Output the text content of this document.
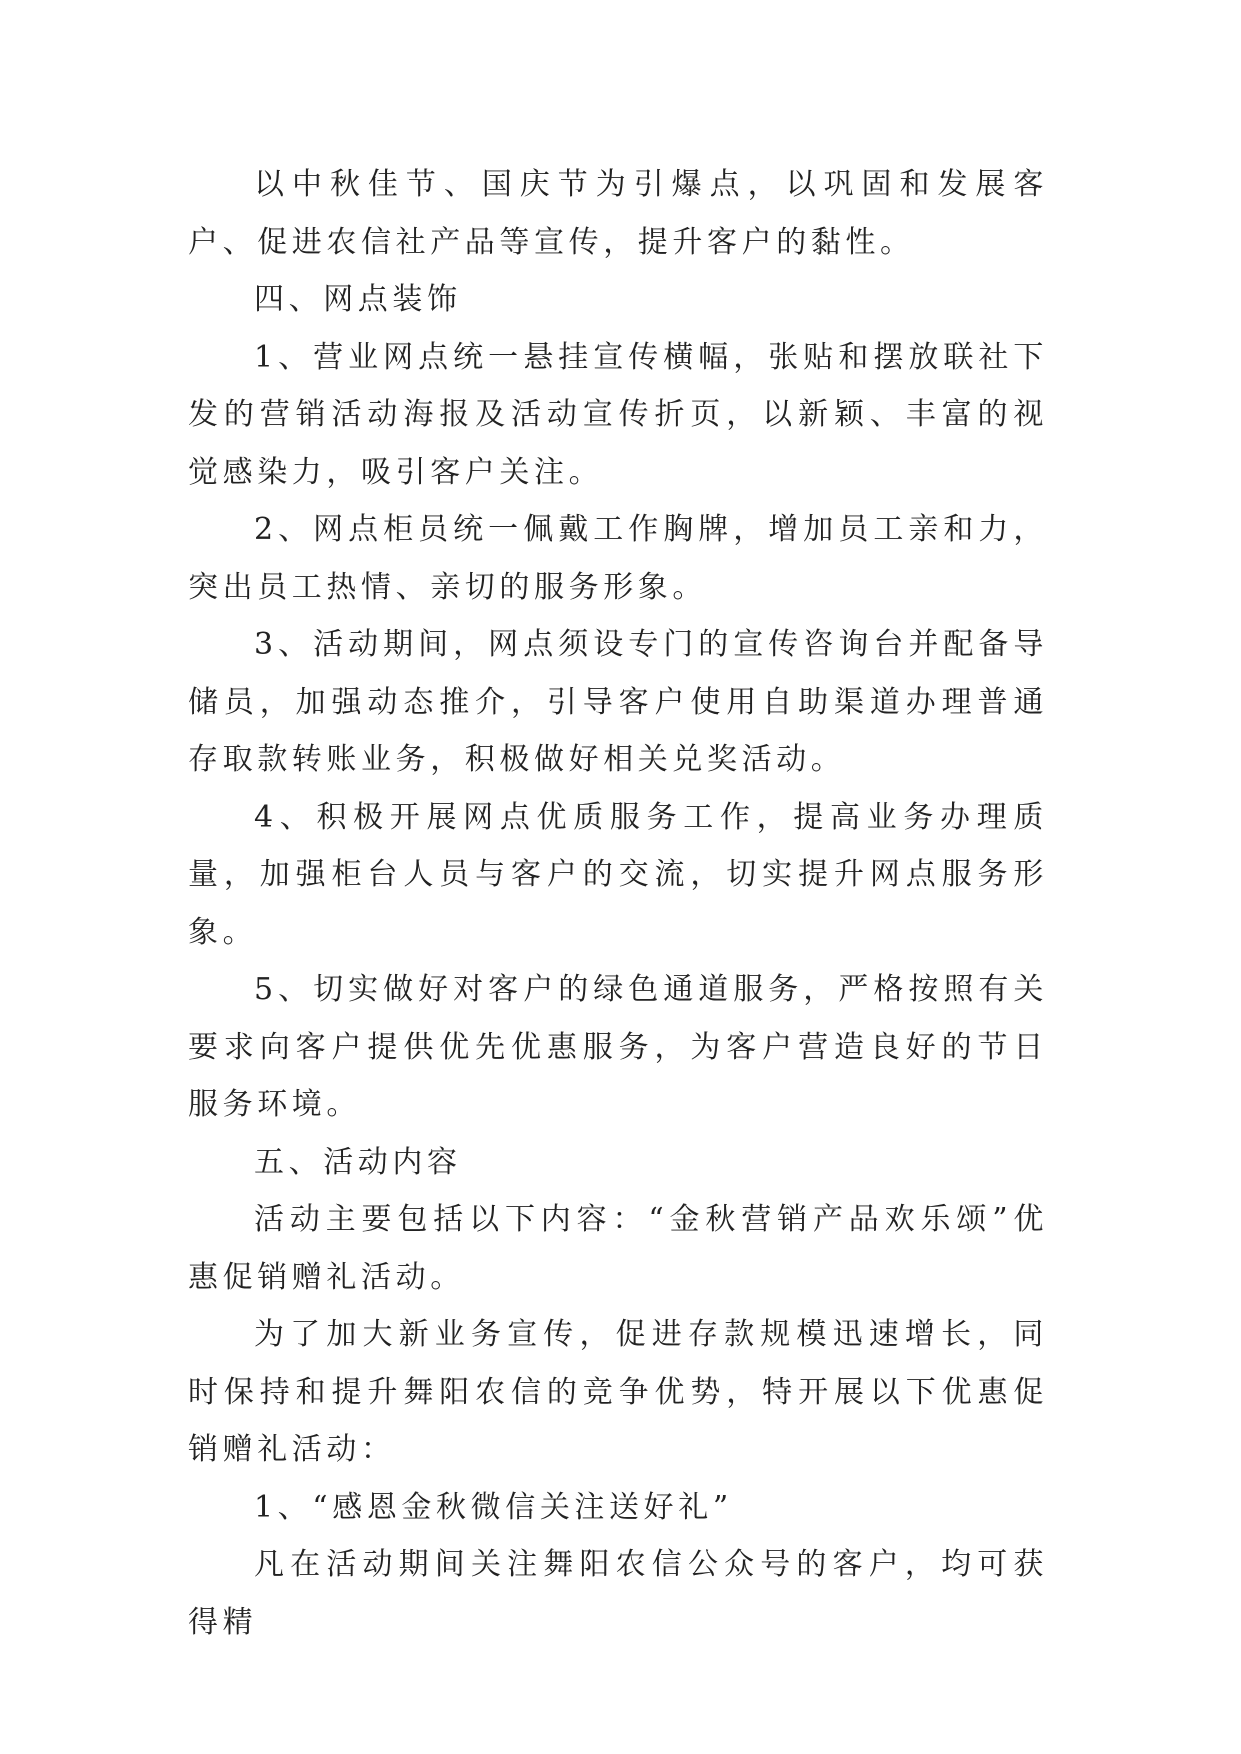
以中秋佳节、国庆节为引爆点，以巩固和发展客户、促进农信社产品等宣传，提升客户的黏性。

四、网点装饰

1、营业网点统一悬挂宣传横幅，张贴和摆放联社下发的营销活动海报及活动宣传折页，以新颖、丰富的视觉感染力，吸引客户关注。

2、网点柜员统一佩戴工作胸牌，增加员工亲和力，突出员工热情、亲切的服务形象。

3、活动期间，网点须设专门的宣传咨询台并配备导储员，加强动态推介，引导客户使用自助渠道办理普通存取款转账业务，积极做好相关兑奖活动。

4、积极开展网点优质服务工作，提高业务办理质量，加强柜台人员与客户的交流，切实提升网点服务形象。

5、切实做好对客户的绿色通道服务，严格按照有关要求向客户提供优先优惠服务，为客户营造良好的节日服务环境。

五、活动内容

活动主要包括以下内容：“金秋营销产品欢乐颂”优惠促销赠礼活动。

为了加大新业务宣传，促进存款规模迅速增长，同时保持和提升舞阳农信的竞争优势，特开展以下优惠促销赠礼活动：

1、“感恩金秋微信关注送好礼”

凡在活动期间关注舞阳农信公众号的客户，均可获得精
